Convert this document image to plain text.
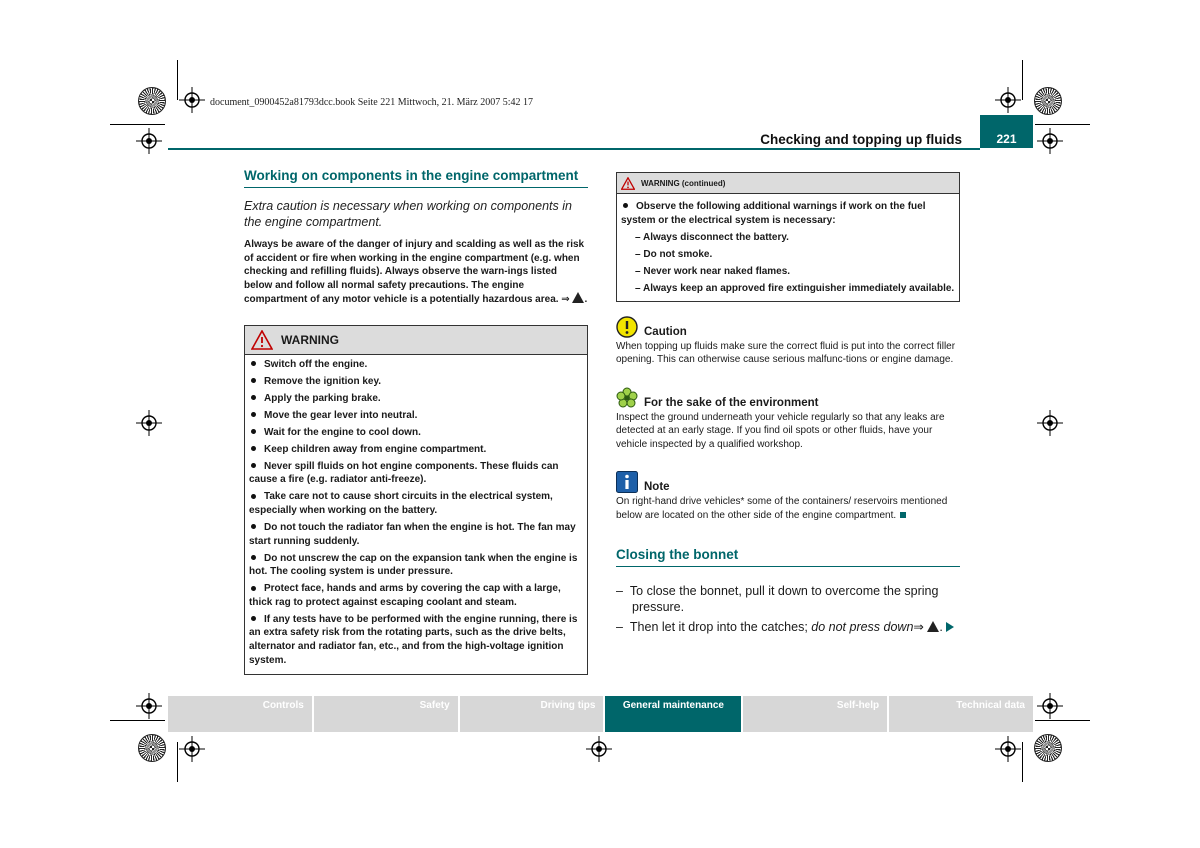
document_0900452a81793dcc.book Seite 221 Mittwoch, 21. März 2007 5:42 17
Checking and topping up fluids	221
Working on components in the engine compartment

Extra caution is necessary when working on components in the engine compartment.

Always be aware of the danger of injury and scalding as well as the risk of accident or fire when working in the engine compartment (e.g. when checking and refilling fluids). Always observe the warn-ings listed below and follow all normal safety precautions. The engine compartment of any motor vehicle is a potentially hazardous area. ⇒ .

WARNING

Switch off the engine.

Remove the ignition key.

Apply the parking brake.

Move the gear lever into neutral.

Wait for the engine to cool down.

Keep children away from engine compartment.

Never spill fluids on hot engine components. These fluids can cause a fire (e.g. radiator anti-freeze).

Take care not to cause short circuits in the electrical system, especially when working on the battery.

Do not touch the radiator fan when the engine is hot. The fan may start running suddenly.

Do not unscrew the cap on the expansion tank when the engine is hot. The cooling system is under pressure.

Protect face, hands and arms by covering the cap with a large, thick rag to protect against escaping coolant and steam.

If any tests have to be performed with the engine running, there is an extra safety risk from the rotating parts, such as the drive belts, alternator and radiator fan, etc., and from the high-voltage ignition system.

WARNING (continued)

Observe the following additional warnings if work on the fuel system or the electrical system is necessary:

– Always disconnect the battery.

– Do not smoke.

– Never work near naked flames.

– Always keep an approved fire extinguisher immediately available.

Caution

When topping up fluids make sure the correct fluid is put into the correct filler opening. This can otherwise cause serious malfunc-tions or engine damage.

For the sake of the environment

Inspect the ground underneath your vehicle regularly so that any leaks are detected at an early stage. If you find oil spots or other fluids, have your vehicle inspected by a qualified workshop.

Note

On right-hand drive vehicles* some of the containers/ reservoirs mentioned below are located on the other side of the engine compartment.

Closing the bonnet

–  To close the bonnet, pull it down to overcome the spring pressure.

–  Then let it drop into the catches; do not press down⇒ .

Controls	Safety	Driving tips	General maintenance	Self-help	Technical data
